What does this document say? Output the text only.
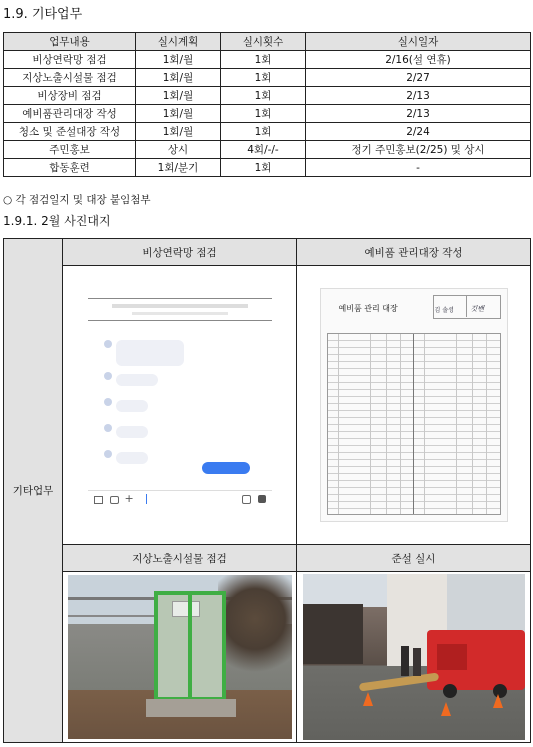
1.9. 기타업무
업무내용	실시계획	실시횟수	실시일자
비상연락망 점검	1회/월	1회	2/16(설 연휴)
지상노출시설물 점검	1회/월	1회	2/27
비상장비 점검	1회/월	1회	2/13
예비품관리대장 작성	1회/월	1회	2/13
청소 및 준설대장 작성	1회/월	1회	2/24
주민홍보	상시	4회/-/-	정기 주민홍보(2/25) 및 상시
합동훈련	1회/분기	1회	-
○ 각 점검일지 및 대장 붙임첨부
1.9.1. 2월 사진대지
기타업무	비상연락망 점검	예비품 관리대장 작성

	+	예비품 관리 대장 김 솔셩 깃밴

	지상노출시설물 점검	준설 실시
